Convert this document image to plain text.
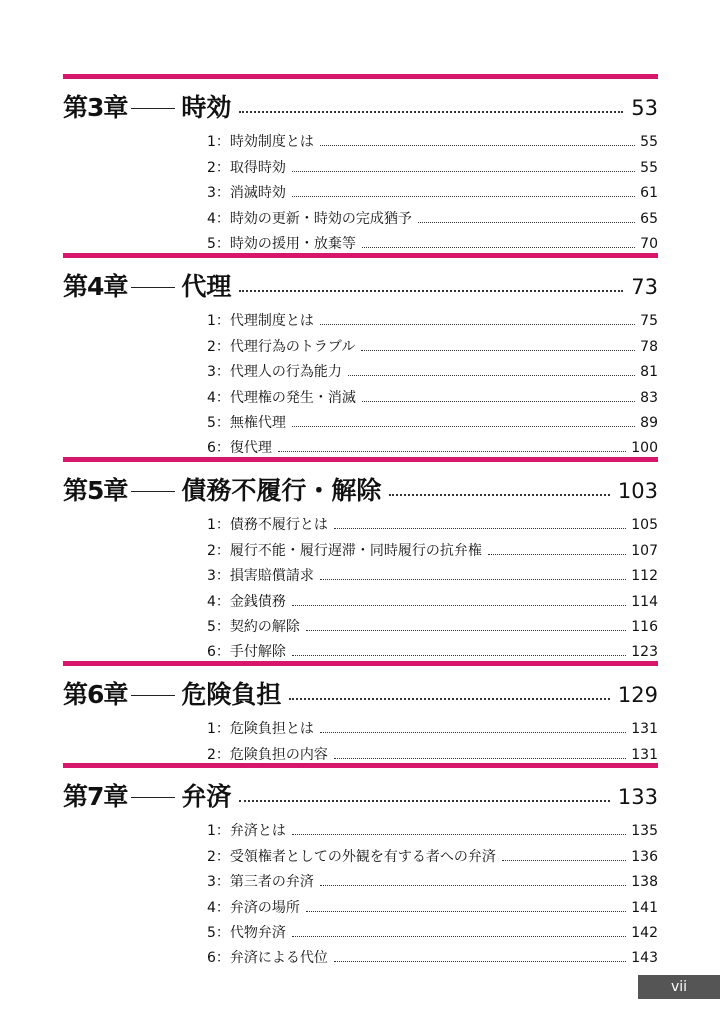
第3章 時効	53
1： 時効制度とは	55
2： 取得時効	55
3： 消滅時効	61
4： 時効の更新・時効の完成猶予	65
5： 時効の援用・放棄等	70
第4章 代理	73
1： 代理制度とは	75
2： 代理行為のトラブル	78
3： 代理人の行為能力	81
4： 代理権の発生・消滅	83
5： 無権代理	89
6： 復代理	100
第5章 債務不履行・解除	103
1： 債務不履行とは	105
2： 履行不能・履行遅滞・同時履行の抗弁権	107
3： 損害賠償請求	112
4： 金銭債務	114
5： 契約の解除	116
6： 手付解除	123
第6章 危険負担	129
1： 危険負担とは	131
2： 危険負担の内容	131
第7章 弁済	133
1： 弁済とは	135
2： 受領権者としての外観を有する者への弁済	136
3： 第三者の弁済	138
4： 弁済の場所	141
5： 代物弁済	142
6： 弁済による代位	143
vii
